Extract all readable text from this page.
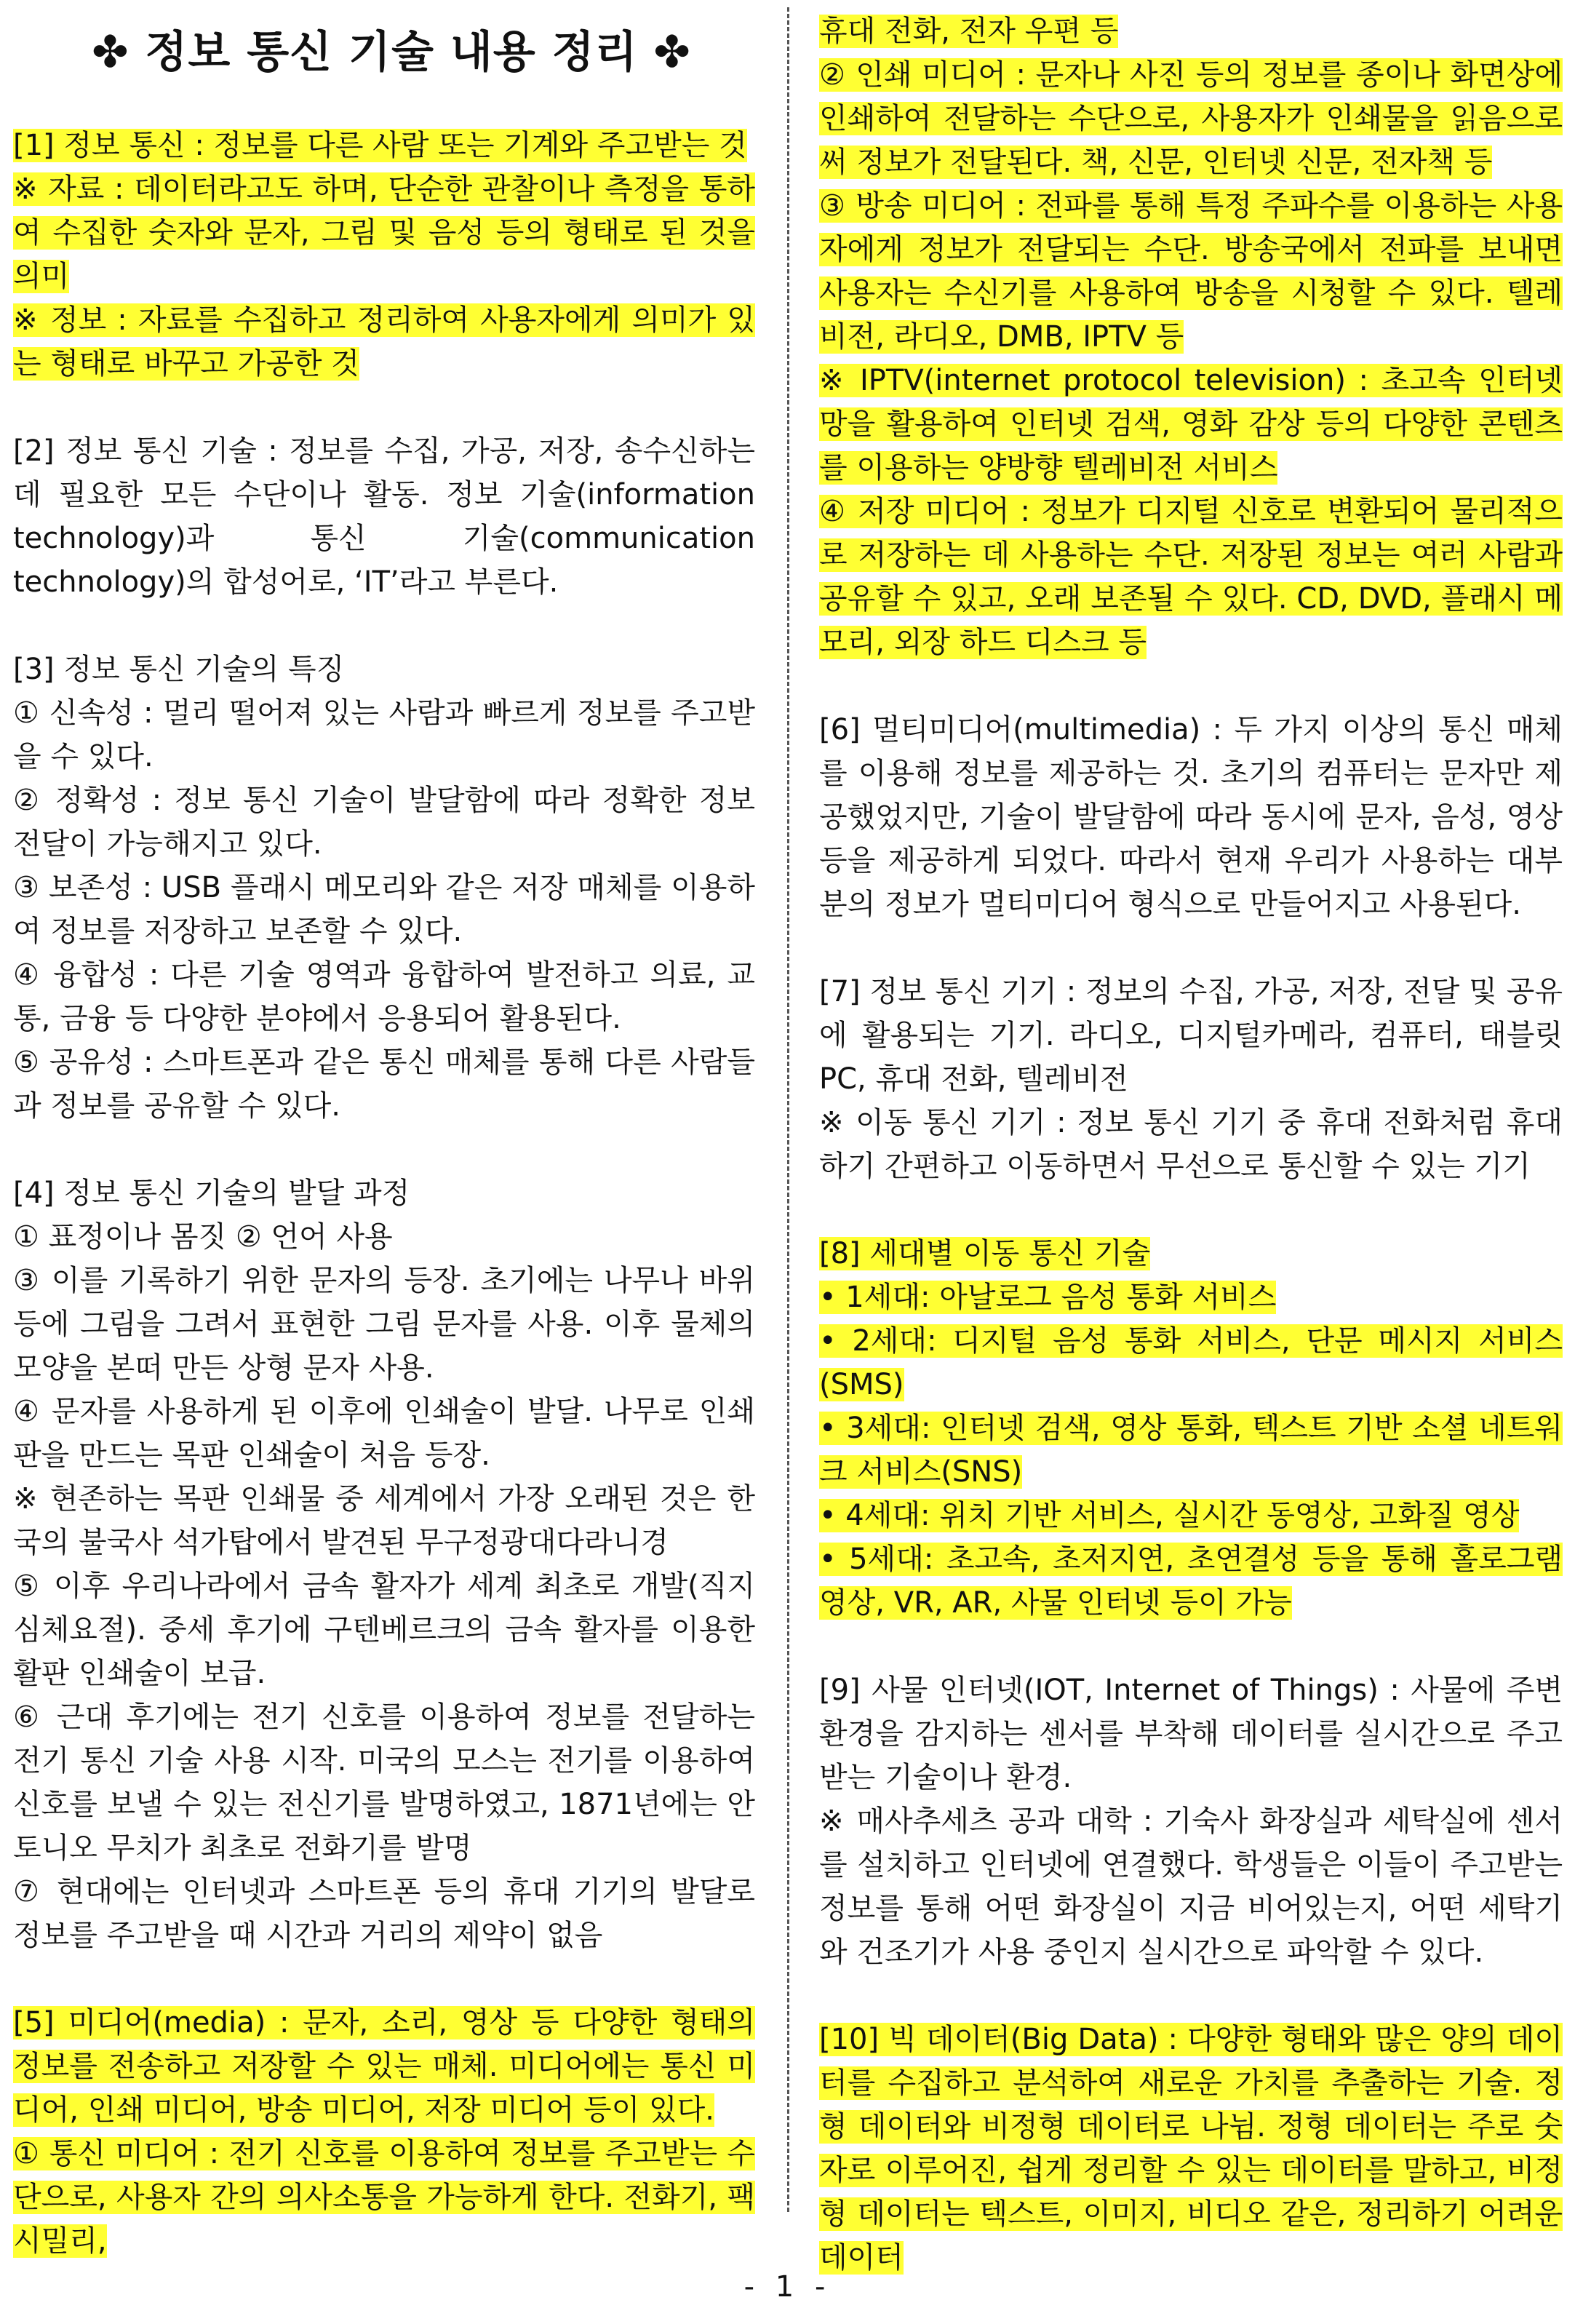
✤ 정보 통신 기술 내용 정리 ✤

[1] 정보 통신 : 정보를 다른 사람 또는 기계와 주고받는 것

※ 자료 : 데이터라고도 하며, 단순한 관찰이나 측정을 통하여 수집한 숫자와 문자, 그림 및 음성 등의 형태로 된 것을 의미

※ 정보 : 자료를 수집하고 정리하여 사용자에게 의미가 있는 형태로 바꾸고 가공한 것

[2] 정보 통신 기술 : 정보를 수집, 가공, 저장, 송수신하는 데 필요한 모든 수단이나 활동. 정보 기술(information technology)과 통신 기술(communication technology)의 합성어로, ‘IT’라고 부른다.

[3] 정보 통신 기술의 특징

① 신속성 : 멀리 떨어져 있는 사람과 빠르게 정보를 주고받을 수 있다.

② 정확성 : 정보 통신 기술이 발달함에 따라 정확한 정보 전달이 가능해지고 있다.

③ 보존성 : USB 플래시 메모리와 같은 저장 매체를 이용하여 정보를 저장하고 보존할 수 있다.

④ 융합성 : 다른 기술 영역과 융합하여 발전하고 의료, 교통, 금융 등 다양한 분야에서 응용되어 활용된다.

⑤ 공유성 : 스마트폰과 같은 통신 매체를 통해 다른 사람들과 정보를 공유할 수 있다.

[4] 정보 통신 기술의 발달 과정

① 표정이나 몸짓 ② 언어 사용

③ 이를 기록하기 위한 문자의 등장. 초기에는 나무나 바위 등에 그림을 그려서 표현한 그림 문자를 사용. 이후 물체의 모양을 본떠 만든 상형 문자 사용.

④ 문자를 사용하게 된 이후에 인쇄술이 발달. 나무로 인쇄판을 만드는 목판 인쇄술이 처음 등장.

※ 현존하는 목판 인쇄물 중 세계에서 가장 오래된 것은 한국의 불국사 석가탑에서 발견된 무구정광대다라니경

⑤ 이후 우리나라에서 금속 활자가 세계 최초로 개발(직지심체요절). 중세 후기에 구텐베르크의 금속 활자를 이용한 활판 인쇄술이 보급.

⑥ 근대 후기에는 전기 신호를 이용하여 정보를 전달하는 전기 통신 기술 사용 시작. 미국의 모스는 전기를 이용하여 신호를 보낼 수 있는 전신기를 발명하였고, 1871년에는 안토니오 무치가 최초로 전화기를 발명

⑦ 현대에는 인터넷과 스마트폰 등의 휴대 기기의 발달로 정보를 주고받을 때 시간과 거리의 제약이 없음

[5] 미디어(media) : 문자, 소리, 영상 등 다양한 형태의 정보를 전송하고 저장할 수 있는 매체. 미디어에는 통신 미디어, 인쇄 미디어, 방송 미디어, 저장 미디어 등이 있다.

① 통신 미디어 : 전기 신호를 이용하여 정보를 주고받는 수단으로, 사용자 간의 의사소통을 가능하게 한다. 전화기, 팩시밀리,

휴대 전화, 전자 우편 등

② 인쇄 미디어 : 문자나 사진 등의 정보를 종이나 화면상에 인쇄하여 전달하는 수단으로, 사용자가 인쇄물을 읽음으로써 정보가 전달된다. 책, 신문, 인터넷 신문, 전자책 등

③ 방송 미디어 : 전파를 통해 특정 주파수를 이용하는 사용자에게 정보가 전달되는 수단. 방송국에서 전파를 보내면 사용자는 수신기를 사용하여 방송을 시청할 수 있다. 텔레비전, 라디오, DMB, IPTV 등

※ IPTV(internet protocol television) : 초고속 인터넷망을 활용하여 인터넷 검색, 영화 감상 등의 다양한 콘텐츠를 이용하는 양방향 텔레비전 서비스

④ 저장 미디어 : 정보가 디지털 신호로 변환되어 물리적으로 저장하는 데 사용하는 수단. 저장된 정보는 여러 사람과 공유할 수 있고, 오래 보존될 수 있다. CD, DVD, 플래시 메모리, 외장 하드 디스크 등

[6] 멀티미디어(multimedia) : 두 가지 이상의 통신 매체를 이용해 정보를 제공하는 것. 초기의 컴퓨터는 문자만 제공했었지만, 기술이 발달함에 따라 동시에 문자, 음성, 영상 등을 제공하게 되었다. 따라서 현재 우리가 사용하는 대부분의 정보가 멀티미디어 형식으로 만들어지고 사용된다.

[7] 정보 통신 기기 : 정보의 수집, 가공, 저장, 전달 및 공유에 활용되는 기기. 라디오, 디지털카메라, 컴퓨터, 태블릿 PC, 휴대 전화, 텔레비전

※ 이동 통신 기기 : 정보 통신 기기 중 휴대 전화처럼 휴대하기 간편하고 이동하면서 무선으로 통신할 수 있는 기기

[8] 세대별 이동 통신 기술

• 1세대: 아날로그 음성 통화 서비스

• 2세대: 디지털 음성 통화 서비스, 단문 메시지 서비스(SMS)

• 3세대: 인터넷 검색, 영상 통화, 텍스트 기반 소셜 네트워크 서비스(SNS)

• 4세대: 위치 기반 서비스, 실시간 동영상, 고화질 영상

• 5세대: 초고속, 초저지연, 초연결성 등을 통해 홀로그램 영상, VR, AR, 사물 인터넷 등이 가능

[9] 사물 인터넷(IOT, Internet of Things) : 사물에 주변 환경을 감지하는 센서를 부착해 데이터를 실시간으로 주고받는 기술이나 환경.

※ 매사추세츠 공과 대학 : 기숙사 화장실과 세탁실에 센서를 설치하고 인터넷에 연결했다. 학생들은 이들이 주고받는 정보를 통해 어떤 화장실이 지금 비어있는지, 어떤 세탁기와 건조기가 사용 중인지 실시간으로 파악할 수 있다.

[10] 빅 데이터(Big Data) : 다양한 형태와 많은 양의 데이터를 수집하고 분석하여 새로운 가치를 추출하는 기술. 정형 데이터와 비정형 데이터로 나뉨. 정형 데이터는 주로 숫자로 이루어진, 쉽게 정리할 수 있는 데이터를 말하고, 비정형 데이터는 텍스트, 이미지, 비디오 같은, 정리하기 어려운 데이터

- 1 -
